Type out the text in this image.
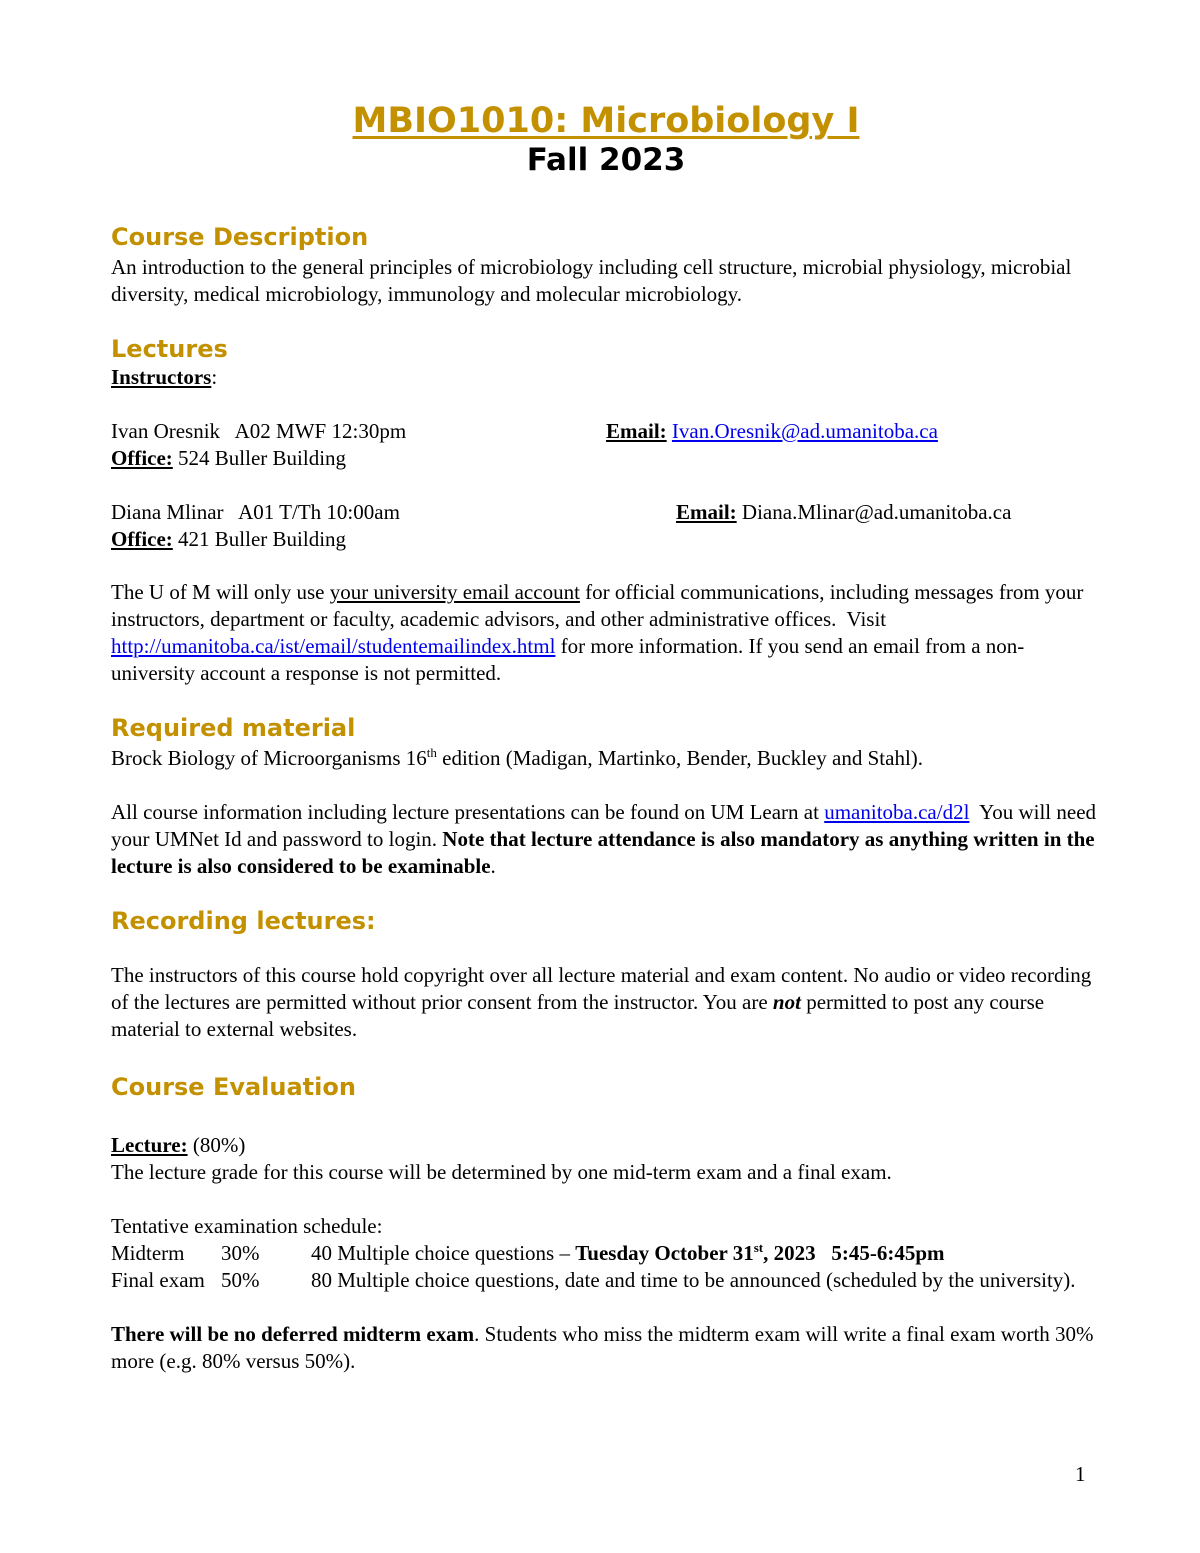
MBIO1010: Microbiology I
Fall 2023
Course Description

An introduction to the general principles of microbiology including cell structure, microbial physiology, microbial diversity, medical microbiology, immunology and molecular microbiology.

Lectures
Instructors:
Ivan Oresnik   A02 MWF 12:30pm	Email:
Ivan.Oresnik@ad.umanitoba.ca
Office: 524 Buller Building
Diana Mlinar   A01 T/Th 10:00am	Email: Diana.Mlinar@ad.umanitoba.ca
Office: 421 Buller Building

The U of M will only use your university email account for official communications, including messages from your instructors, department or faculty, academic advisors, and other administrative offices.  Visit http://umanitoba.ca/ist/email/studentemailindex.html for more information. If you send an email from a non-university account a response is not permitted.

Required material

Brock Biology of Microorganisms 16th edition (Madigan, Martinko, Bender, Buckley and Stahl).

All course information including lecture presentations can be found on UM Learn at umanitoba.ca/d2l  You will need your UMNet Id and password to login. Note that lecture attendance is also mandatory as anything written in the lecture is also considered to be examinable.

Recording lectures:

The instructors of this course hold copyright over all lecture material and exam content. No audio or video recording of the lectures are permitted without prior consent from the instructor. You are not permitted to post any course material to external websites.

Course Evaluation
Lecture: (80%)

The lecture grade for this course will be determined by one mid-term exam and a final exam.

Tentative examination schedule:

Midterm	30%	40 Multiple choice questions – Tuesday October 31st, 2023   5:45-6:45pm
Final exam 50%	80 Multiple choice questions, date and time to be announced (scheduled by the university).

There will be no deferred midterm exam. Students who miss the midterm exam will write a final exam worth 30% more (e.g. 80% versus 50%).

1
